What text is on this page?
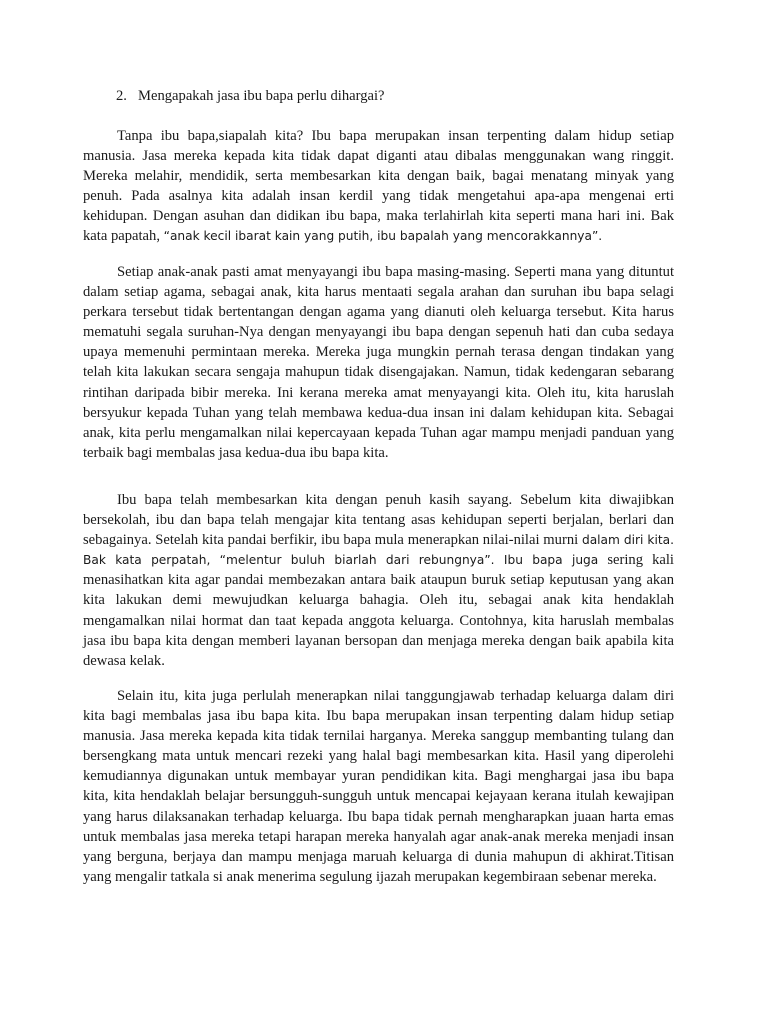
2. Mengapakah jasa ibu bapa perlu dihargai?

Tanpa ibu bapa,siapalah kita? Ibu bapa merupakan insan terpenting dalam hidup setiap manusia. Jasa mereka kepada kita tidak dapat diganti atau dibalas menggunakan wang ringgit. Mereka melahir, mendidik, serta membesarkan kita dengan baik, bagai menatang minyak yang penuh. Pada asalnya kita adalah insan kerdil yang tidak mengetahui apa-apa mengenai erti kehidupan. Dengan asuhan dan didikan ibu bapa, maka terlahirlah kita seperti mana hari ini. Bak kata papatah, “anak kecil ibarat kain yang putih, ibu bapalah yang mencorakkannya”.

Setiap anak-anak pasti amat menyayangi ibu bapa masing-masing. Seperti mana yang dituntut dalam setiap agama, sebagai anak, kita harus mentaati segala arahan dan suruhan ibu bapa selagi perkara tersebut tidak bertentangan dengan agama yang dianuti oleh keluarga tersebut. Kita harus mematuhi segala suruhan-Nya dengan menyayangi ibu bapa dengan sepenuh hati dan cuba sedaya upaya memenuhi permintaan mereka. Mereka juga mungkin pernah terasa dengan tindakan yang telah kita lakukan secara sengaja mahupun tidak disengajakan. Namun, tidak kedengaran sebarang rintihan daripada bibir mereka. Ini kerana mereka amat menyayangi kita. Oleh itu, kita haruslah bersyukur kepada Tuhan yang telah membawa kedua-dua insan ini dalam kehidupan kita. Sebagai anak, kita perlu mengamalkan nilai kepercayaan kepada Tuhan agar mampu menjadi panduan yang terbaik bagi membalas jasa kedua-dua ibu bapa kita.

Ibu bapa telah membesarkan kita dengan penuh kasih sayang. Sebelum kita diwajibkan bersekolah, ibu dan bapa telah mengajar kita tentang asas kehidupan seperti berjalan, berlari dan sebagainya. Setelah kita pandai berfikir, ibu bapa mula menerapkan nilai-nilai murni dalam diri kita. Bak kata perpatah, “melentur buluh biarlah dari rebungnya”. Ibu bapa juga sering kali menasihatkan kita agar pandai membezakan antara baik ataupun buruk setiap keputusan yang akan kita lakukan demi mewujudkan keluarga bahagia. Oleh itu, sebagai anak kita hendaklah mengamalkan nilai hormat dan taat kepada anggota keluarga. Contohnya, kita haruslah membalas jasa ibu bapa kita dengan memberi layanan bersopan dan menjaga mereka dengan baik apabila kita dewasa kelak.

Selain itu, kita juga perlulah menerapkan nilai tanggungjawab terhadap keluarga dalam diri kita bagi membalas jasa ibu bapa kita. Ibu bapa merupakan insan terpenting dalam hidup setiap manusia. Jasa mereka kepada kita tidak ternilai harganya. Mereka sanggup membanting tulang dan bersengkang mata untuk mencari rezeki yang halal bagi membesarkan kita. Hasil yang diperolehi kemudiannya digunakan untuk membayar yuran pendidikan kita. Bagi menghargai jasa ibu bapa kita, kita hendaklah belajar bersungguh-sungguh untuk mencapai kejayaan kerana itulah kewajipan yang harus dilaksanakan terhadap keluarga. Ibu bapa tidak pernah mengharapkan juaan harta emas untuk membalas jasa mereka tetapi harapan mereka hanyalah agar anak-anak mereka menjadi insan yang berguna, berjaya dan mampu menjaga maruah keluarga di dunia mahupun di akhirat.Titisan yang mengalir tatkala si anak menerima segulung ijazah merupakan kegembiraan sebenar mereka.
